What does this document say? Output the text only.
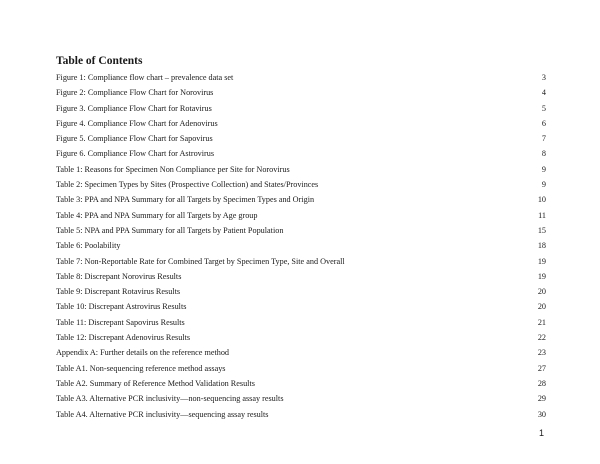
Table of Contents
Figure 1: Compliance flow chart – prevalence data set	3
Figure 2: Compliance Flow Chart for Norovirus	4
Figure 3. Compliance Flow Chart for Rotavirus	5
Figure 4. Compliance Flow Chart for Adenovirus	6
Figure 5. Compliance Flow Chart for Sapovirus	7
Figure 6. Compliance Flow Chart for Astrovirus	8
Table 1: Reasons for Specimen Non Compliance per Site for Norovirus	9
Table 2: Specimen Types by Sites (Prospective Collection) and States/Provinces	9
Table 3: PPA and NPA Summary for all Targets by Specimen Types and Origin	10
Table 4: PPA and NPA Summary for all Targets by Age group	11
Table 5: NPA and PPA Summary for all Targets by Patient Population	15
Table 6: Poolability	18
Table 7: Non-Reportable Rate for Combined Target by Specimen Type, Site and Overall	19
Table 8: Discrepant Norovirus Results	19
Table 9: Discrepant Rotavirus Results	20
Table 10: Discrepant Astrovirus Results	20
Table 11: Discrepant Sapovirus Results	21
Table 12: Discrepant Adenovirus Results	22
Appendix A: Further details on the reference method	23
Table A1. Non-sequencing reference method assays	27
Table A2. Summary of Reference Method Validation Results	28
Table A3. Alternative PCR inclusivity—non-sequencing assay results	29
Table A4. Alternative PCR inclusivity—sequencing assay results	30
1
